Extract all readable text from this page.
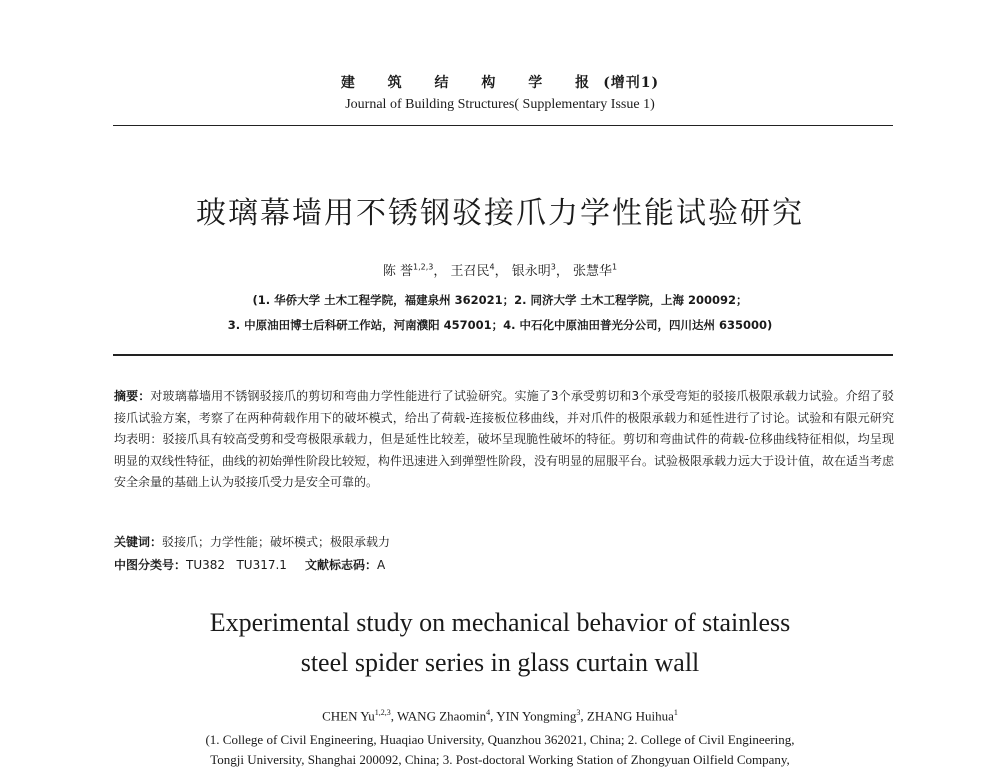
建 筑 结 构 学 报(增刊1)
Journal of Building Structures( Supplementary Issue 1)
玻璃幕墙用不锈钢驳接爪力学性能试验研究
陈 誉$^{1,2,3}$， 王召民$^4$， 银永明$^3$， 张慧华$^1$
(1. 华侨大学 土木工程学院，福建泉州 362021；2. 同济大学 土木工程学院，上海 200092；
3. 中原油田博士后科研工作站，河南濮阳 457001；4. 中石化中原油田普光分公司，四川达州 635000)
摘要：对玻璃幕墙用不锈钢驳接爪的剪切和弯曲力学性能进行了试验研究。实施了3个承受剪切和3个承受弯矩的驳接爪极限承载力试验。介绍了驳接爪试验方案，考察了在两种荷载作用下的破坏模式，给出了荷载-连接板位移曲线，并对爪件的极限承载力和延性进行了讨论。试验和有限元研究均表明：驳接爪具有较高受剪和受弯极限承载力，但是延性比较差，破坏呈现脆性破坏的特征。剪切和弯曲试件的荷载-位移曲线特征相似，均呈现明显的双线性特征，曲线的初始弹性阶段比较短，构件迅速进入到弹塑性阶段，没有明显的屈服平台。试验极限承载力远大于设计值，故在适当考虑安全余量的基础上认为驳接爪受力是安全可靠的。
关键词：驳接爪；力学性能；破坏模式；极限承载力
中图分类号：TU382   TU317.1 文献标志码：A
Experimental study on mechanical behavior of stainless
steel spider series in glass curtain wall
CHEN Yu$^{1,2,3}$, WANG Zhaomin$^4$, YIN Yongming$^3$, ZHANG Huihua$^1$
(1. College of Civil Engineering, Huaqiao University, Quanzhou 362021, China; 2. College of Civil Engineering,
Tongji University, Shanghai 200092, China; 3. Post-doctoral Working Station of Zhongyuan Oilfield Company,
